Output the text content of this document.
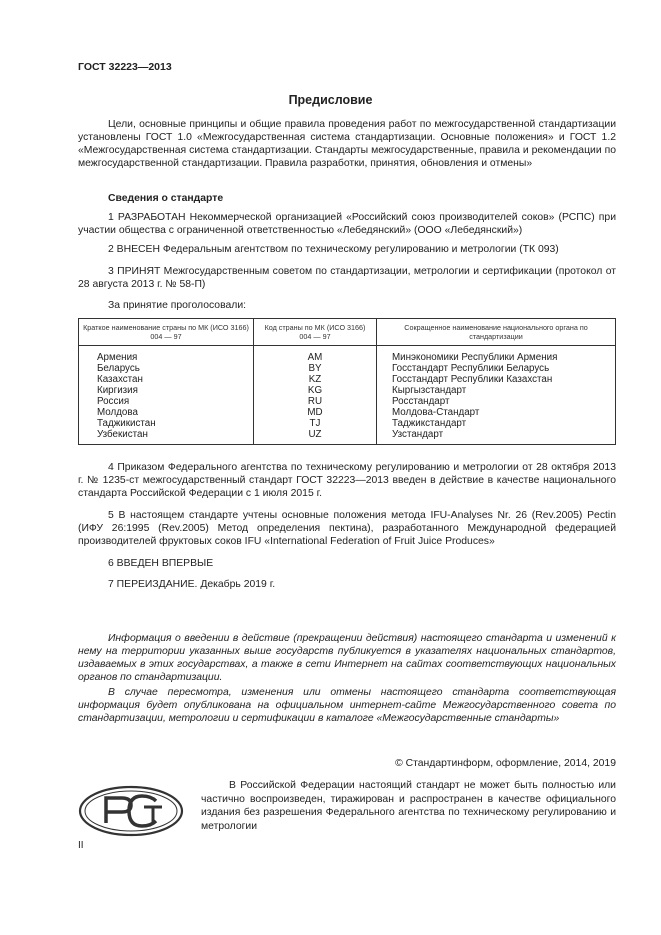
ГОСТ 32223—2013
Предисловие
Цели, основные принципы и общие правила проведения работ по межгосударственной стандартизации установлены ГОСТ 1.0 «Межгосударственная система стандартизации. Основные положения» и ГОСТ 1.2 «Межгосударственная система стандартизации. Стандарты межгосударственные, правила и рекомендации по межгосударственной стандартизации. Правила разработки, принятия, обновления и отмены»
Сведения о стандарте
1 РАЗРАБОТАН Некоммерческой организацией «Российский союз производителей соков» (РСПС) при участии общества с ограниченной ответственностью «Лебедянский» (ООО «Лебедянский»)
2 ВНЕСЕН Федеральным агентством по техническому регулированию и метрологии (ТК 093)
3 ПРИНЯТ Межгосударственным советом по стандартизации, метрологии и сертификации (протокол от 28 августа 2013 г. № 58-П)
За принятие проголосовали:
Краткое наименование страны по МК (ИСО 3166) 004 — 97	Код страны по МК (ИСО 3166) 004 — 97	Сокращенное наименование национального органа по стандартизации
Армения	AM	Минэкономики Республики Армения
Беларусь	BY	Госстандарт Республики Беларусь
Казахстан	KZ	Госстандарт Республики Казахстан
Киргизия	KG	Кыргызстандарт
Россия	RU	Росстандарт
Молдова	MD	Молдова-Стандарт
Таджикистан	TJ	Таджикстандарт
Узбекистан	UZ	Узстандарт
4 Приказом Федерального агентства по техническому регулированию и метрологии от 28 октября 2013 г. № 1235-ст межгосударственный стандарт ГОСТ 32223—2013 введен в действие в качестве национального стандарта Российской Федерации с 1 июля 2015 г.
5 В настоящем стандарте учтены основные положения метода IFU-Analyses Nr. 26 (Rev.2005) Pectin (ИФУ 26:1995 (Rev.2005) Метод определения пектина), разработанного Международной федерацией производителей фруктовых соков IFU «International Federation of Fruit Juice Produces»
6 ВВЕДЕН ВПЕРВЫЕ
7 ПЕРЕИЗДАНИЕ. Декабрь 2019 г.
Информация о введении в действие (прекращении действия) настоящего стандарта и изменений к нему на территории указанных выше государств публикуется в указателях национальных стандартов, издаваемых в этих государствах, а также в сети Интернет на сайтах соответствующих национальных органов по стандартизации.
В случае пересмотра, изменения или отмены настоящего стандарта соответствующая информация будет опубликована на официальном интернет-сайте Межгосударственного совета по стандартизации, метрологии и сертификации в каталоге «Межгосударственные стандарты»
© Стандартинформ, оформление, 2014, 2019
В Российской Федерации настоящий стандарт не может быть полностью или частично воспроизведен, тиражирован и распространен в качестве официального издания без разрешения Федерального агентства по техническому регулированию и метрологии
II
